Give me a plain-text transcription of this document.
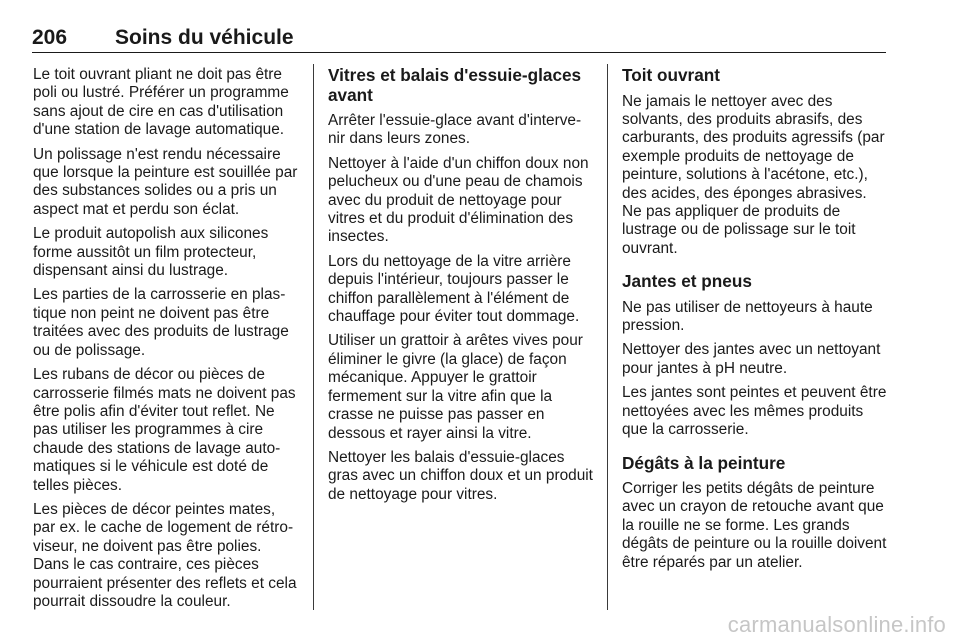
206 Soins du véhicule

Le toit ouvrant pliant ne doit pas être poli ou lustré. Préférer un programme sans ajout de cire en cas d'utilisation d'une station de lavage automatique.

Un polissage n'est rendu nécessaire que lorsque la peinture est souillée par des substances solides ou a pris un aspect mat et perdu son éclat.

Le produit autopolish aux silicones forme aussitôt un film protecteur, dispensant ainsi du lustrage.

Les parties de la carrosserie en plas- tique non peint ne doivent pas être traitées avec des produits de lustrage ou de polissage.

Les rubans de décor ou pièces de carrosserie filmés mats ne doivent pas être polis afin d'éviter tout reflet. Ne pas utiliser les programmes à cire chaude des stations de lavage auto- matiques si le véhicule est doté de telles pièces.

Les pièces de décor peintes mates, par ex. le cache de logement de rétro- viseur, ne doivent pas être polies. Dans le cas contraire, ces pièces pourraient présenter des reflets et cela pourrait dissoudre la couleur.

Vitres et balais d'essuie-glaces avant

Arrêter l'essuie-glace avant d'interve- nir dans leurs zones.

Nettoyer à l'aide d'un chiffon doux non pelucheux ou d'une peau de chamois avec du produit de nettoyage pour vitres et du produit d'élimination des insectes.

Lors du nettoyage de la vitre arrière depuis l'intérieur, toujours passer le chiffon parallèlement à l'élément de chauffage pour éviter tout dommage.

Utiliser un grattoir à arêtes vives pour éliminer le givre (la glace) de façon mécanique. Appuyer le grattoir fermement sur la vitre afin que la crasse ne puisse pas passer en dessous et rayer ainsi la vitre.

Nettoyer les balais d'essuie-glaces gras avec un chiffon doux et un produit de nettoyage pour vitres.

Toit ouvrant

Ne jamais le nettoyer avec des solvants, des produits abrasifs, des carburants, des produits agressifs (par exemple produits de nettoyage de peinture, solutions à l'acétone, etc.), des acides, des éponges abrasives. Ne pas appliquer de produits de lustrage ou de polissage sur le toit ouvrant.

Jantes et pneus

Ne pas utiliser de nettoyeurs à haute pression.

Nettoyer des jantes avec un nettoyant pour jantes à pH neutre.

Les jantes sont peintes et peuvent être nettoyées avec les mêmes produits que la carrosserie.

Dégâts à la peinture

Corriger les petits dégâts de peinture avec un crayon de retouche avant que la rouille ne se forme. Les grands dégâts de peinture ou la rouille doivent être réparés par un atelier.

carmanualsonline.info
